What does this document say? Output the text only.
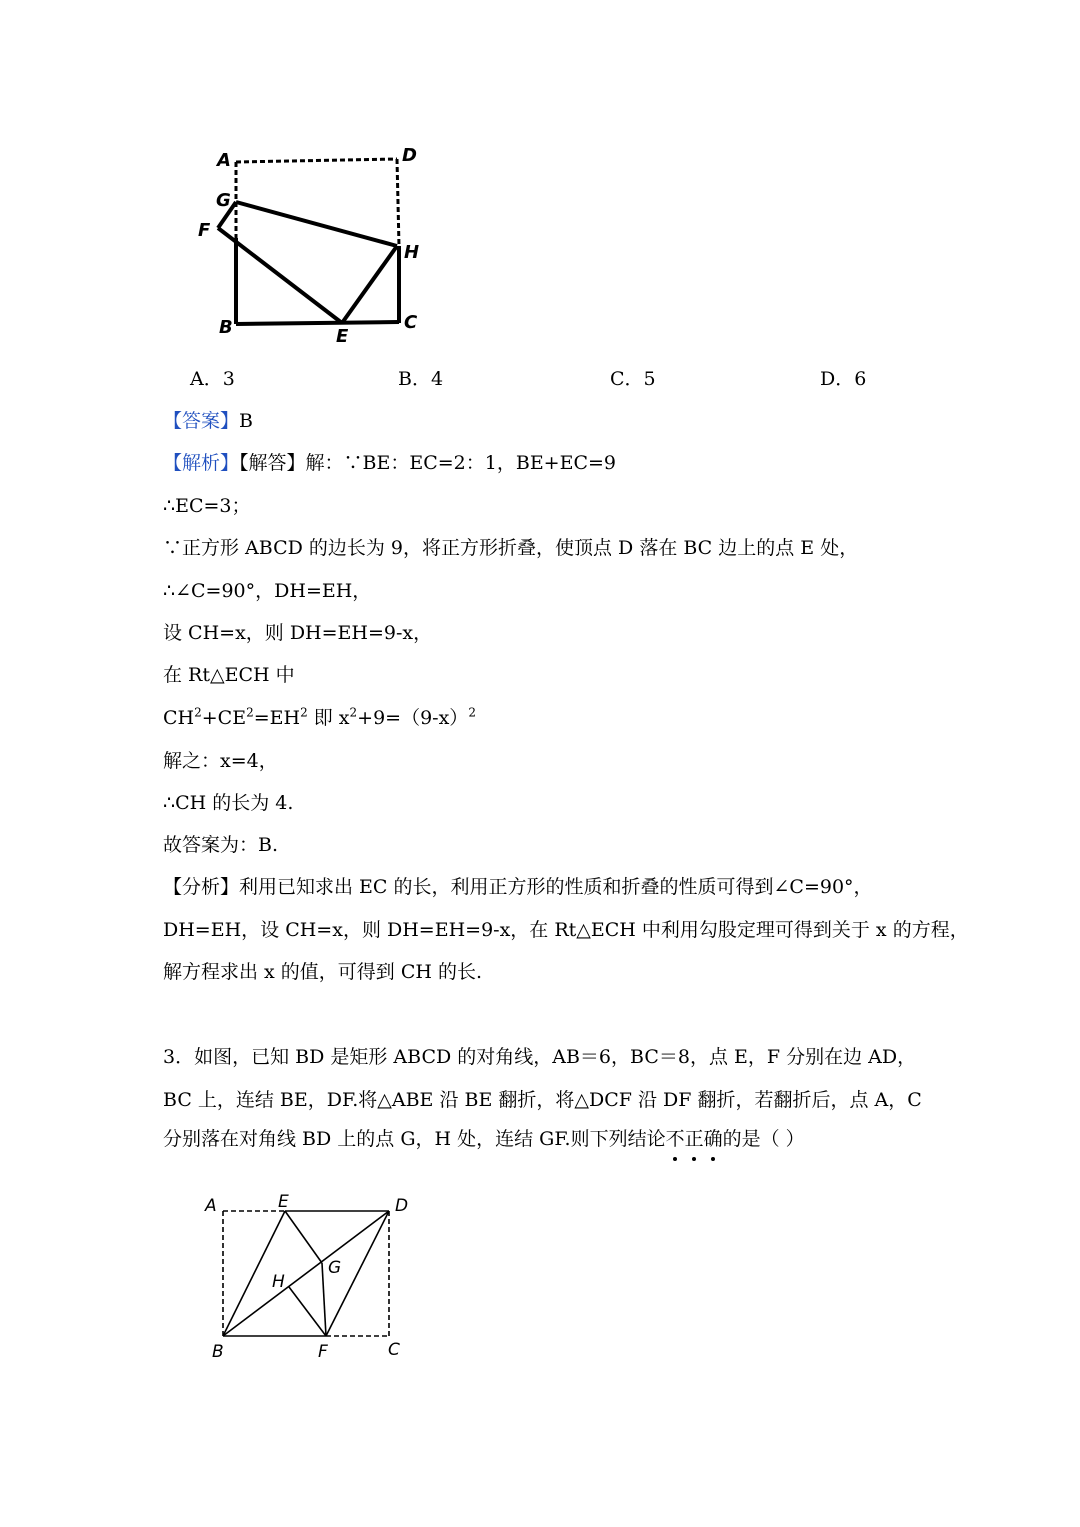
A	D
G
F
H
B	E
C
A．3	B．4	C．5	D．6
【答案】B
【解析】【解答】解：∵BE：EC=2：1，BE+EC=9
∴EC=3；
∵正方形 ABCD 的边长为 9，将正方形折叠，使顶点 D 落在 BC 边上的点 E 处，
∴∠C=90°，DH=EH，
设 CH=x，则 DH=EH=9-x，
在 Rt△ECH 中
$CH^2+CE^2=EH^2$ 即 $x^2+9=(9-x)^2$
解之：x=4，
∴CH 的长为 4.
故答案为：B.
【分析】利用已知求出 EC 的长，利用正方形的性质和折叠的性质可得到∠C=90°，
DH=EH，设 CH=x，则 DH=EH=9-x，在 Rt△ECH 中利用勾股定理可得到关于 x 的方程，
解方程求出 x 的值，可得到 CH 的长.
3．如图，已知 BD 是矩形 ABCD 的对角线，AB＝6，BC＝8，点 E，F 分别在边 AD，
BC 上，连结 BE，DF.将△ABE 沿 BE 翻折，将△DCF 沿 DF 翻折，若翻折后，点 A，C
分别落在对角线 BD 上的点 G，H 处，连结 GF.则下列结论不正确的是（ ）
A	E	D
H
G
B	F	C
